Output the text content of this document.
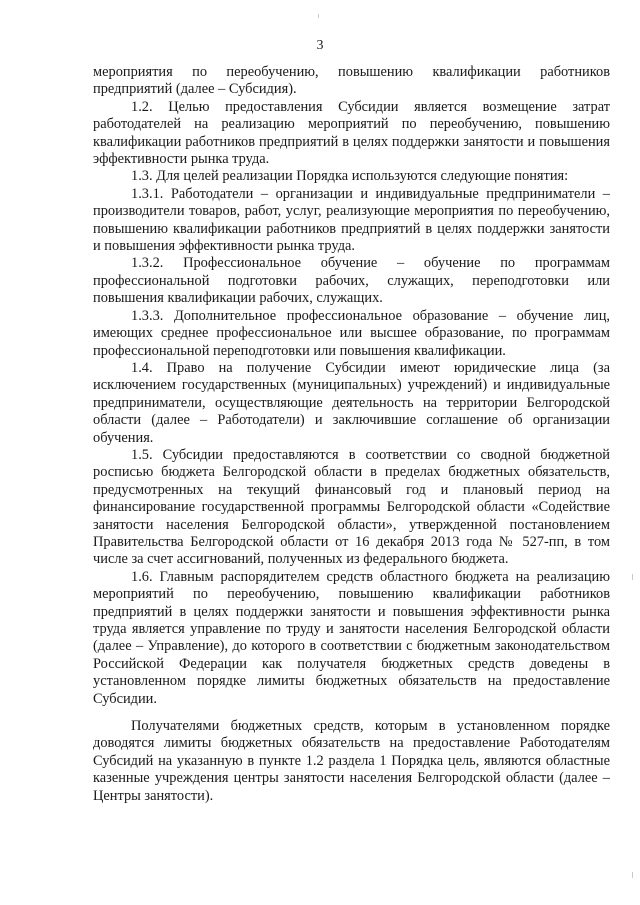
3

мероприятия по переобучению, повышению квалификации работников предприятий (далее – Субсидия).

1.2. Целью предоставления Субсидии является возмещение затрат работодателей на реализацию мероприятий по переобучению, повышению квалификации работников предприятий в целях поддержки занятости и повышения эффективности рынка труда.

1.3. Для целей реализации Порядка используются следующие понятия:

1.3.1. Работодатели – организации и индивидуальные предприниматели – производители товаров, работ, услуг, реализующие мероприятия по переобучению, повышению квалификации работников предприятий в целях поддержки занятости и повышения эффективности рынка труда.

1.3.2. Профессиональное обучение – обучение по программам профессиональной подготовки рабочих, служащих, переподготовки или повышения квалификации рабочих, служащих.

1.3.3. Дополнительное профессиональное образование – обучение лиц, имеющих среднее профессиональное или высшее образование, по программам профессиональной переподготовки или повышения квалификации.

1.4. Право на получение Субсидии имеют юридические лица (за исключением государственных (муниципальных) учреждений) и индивидуальные предприниматели, осуществляющие деятельность на территории Белгородской области (далее – Работодатели) и заключившие соглашение об организации обучения.

1.5. Субсидии предоставляются в соответствии со сводной бюджетной росписью бюджета Белгородской области в пределах бюджетных обязательств, предусмотренных на текущий финансовый год и плановый период на финансирование государственной программы Белгородской области «Содействие занятости населения Белгородской области», утвержденной постановлением Правительства Белгородской области от 16 декабря 2013 года № 527-пп, в том числе за счет ассигнований, полученных из федерального бюджета.

1.6. Главным распорядителем средств областного бюджета на реализацию мероприятий по переобучению, повышению квалификации работников предприятий в целях поддержки занятости и повышения эффективности рынка труда является управление по труду и занятости населения Белгородской области (далее – Управление), до которого в соответствии с бюджетным законодательством Российской Федерации как получателя бюджетных средств доведены в установленном порядке лимиты бюджетных обязательств на предоставление Субсидии.

Получателями бюджетных средств, которым в установленном порядке доводятся лимиты бюджетных обязательств на предоставление Работодателям Субсидий на указанную в пункте 1.2 раздела 1 Порядка цель, являются областные казенные учреждения центры занятости населения Белгородской области (далее – Центры занятости).
